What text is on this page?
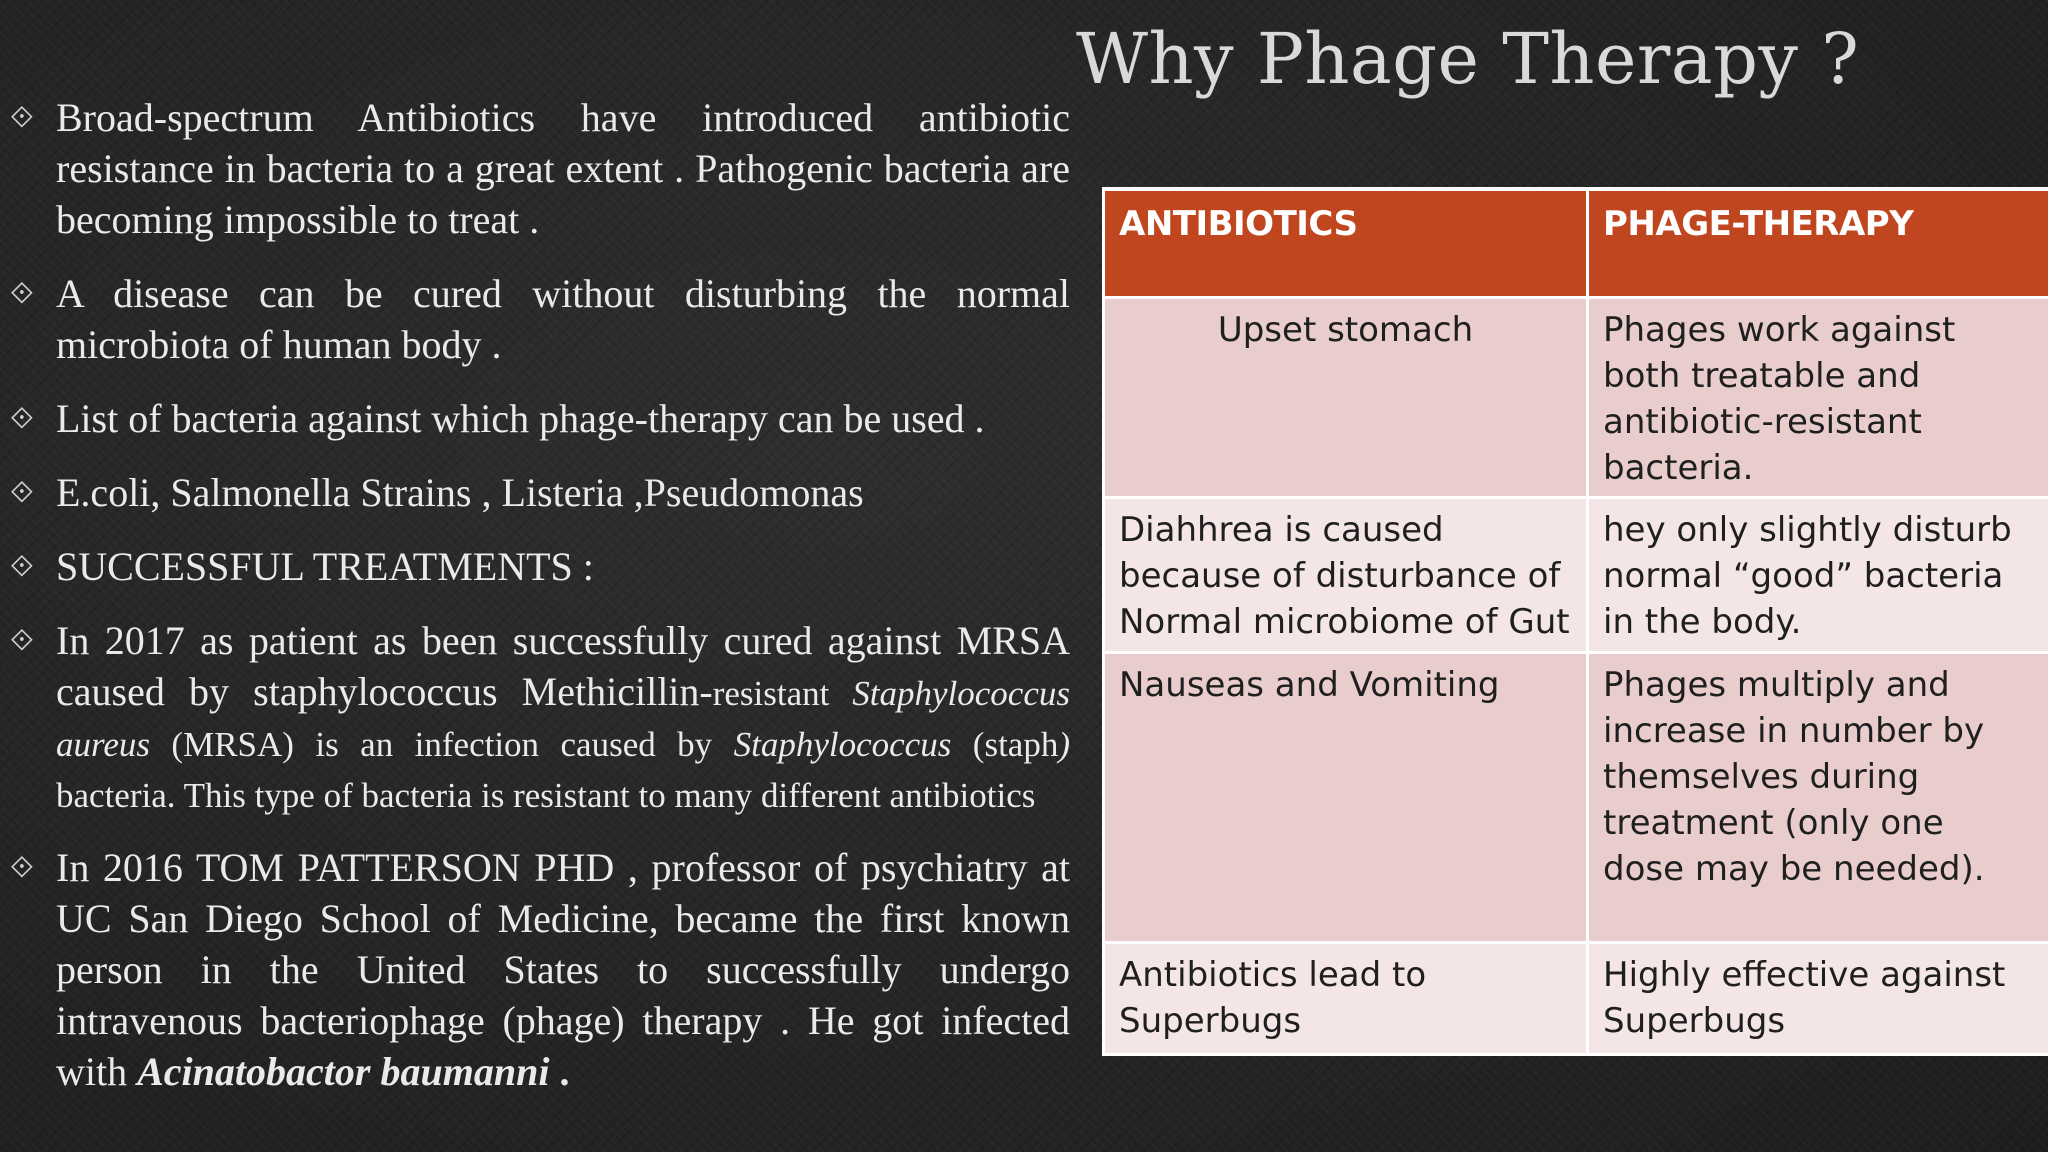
Why Phage Therapy ?
⟐ Broad-spectrum Antibiotics have introduced antibiotic resistance in bacteria to a great extent . Pathogenic bacteria are becoming impossible to treat .
⟐ A disease can be cured without disturbing the normal microbiota of human body .
⟐ List of bacteria against which phage-therapy can be used .
⟐ E.coli, Salmonella Strains , Listeria ,Pseudomonas
⟐ SUCCESSFUL TREATMENTS :
⟐ In 2017 as patient as been successfully cured against MRSA caused by staphylococcus Methicillin-resistant Staphylococcus aureus (MRSA) is an infection caused by Staphylococcus (staph) bacteria. This type of bacteria is resistant to many different antibiotics
⟐ In 2016 TOM PATTERSON PHD , professor of psychiatry at UC San Diego School of Medicine, became the first known person in the United States to successfully undergo intravenous bacteriophage (phage) therapy . He got infected with Acinatobactor baumanni .
ANTIBIOTICS	PHAGE-THERAPY
Upset stomach	Phages work against both treatable and antibiotic-resistant bacteria.
Diahhrea is caused because of disturbance of Normal microbiome of Gut	hey only slightly disturb normal “good” bacteria in the body.
Nauseas and Vomiting	Phages multiply and increase in number by themselves during treatment (only one dose may be needed).
Antibiotics lead to Superbugs	Highly effective against Superbugs
